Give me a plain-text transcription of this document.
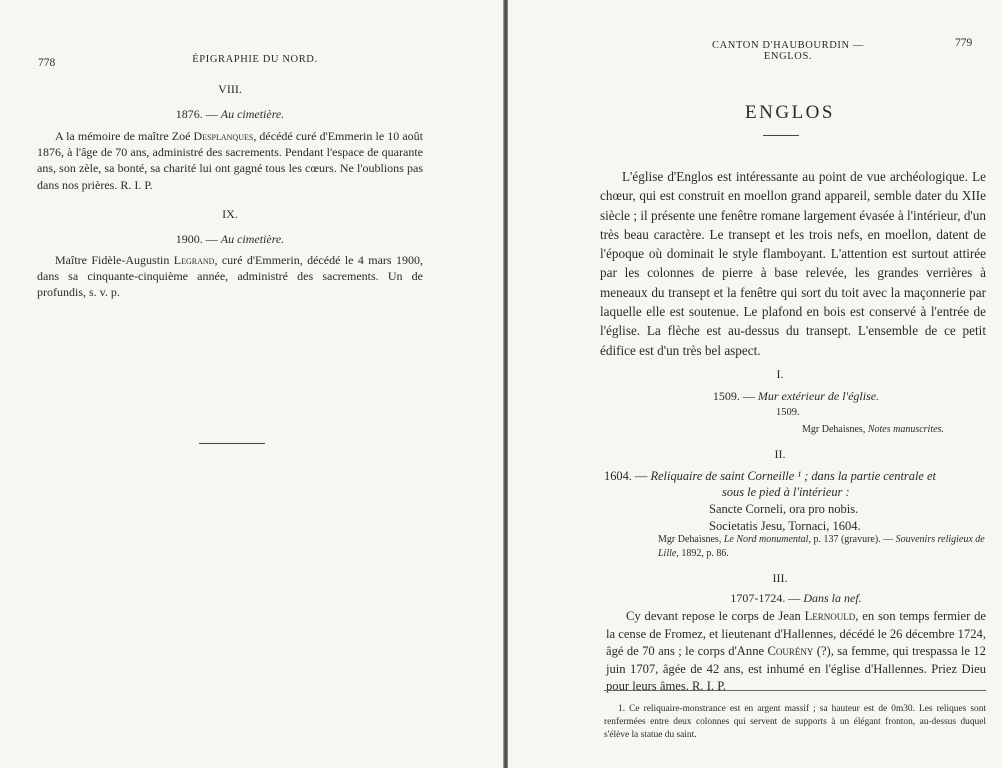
778	ÉPIGRAPHIE DU NORD.
VIII.
1876. — Au cimetière.
A la mémoire de maître Zoé Desplanques, décédé curé d'Emmerin le 10 août 1876, à l'âge de 70 ans, administré des sacrements. Pendant l'espace de quarante ans, son zèle, sa bonté, sa charité lui ont gagné tous les cœurs. Ne l'oublions pas dans nos prières. R. I. P.
IX.
1900. — Au cimetière.
Maître Fidèle-Augustin Legrand, curé d'Emmerin, décédé le 4 mars 1900, dans sa cinquante-cinquième année, administré des sacrements. Un de profundis, s. v. p.
CANTON D'HAUBOURDIN — ENGLOS.
779
ENGLOS
L'église d'Englos est intéressante au point de vue archéologique. Le chœur, qui est construit en moellon grand appareil, semble dater du XIIe siècle ; il présente une fenêtre romane largement évasée à l'intérieur, d'un très beau caractère. Le transept et les trois nefs, en moellon, datent de l'époque où dominait le style flamboyant. L'attention est surtout attirée par les colonnes de pierre à base relevée, les grandes verrières à meneaux du transept et la fenêtre qui sort du toit avec la maçonnerie par laquelle elle est soutenue. Le plafond en bois est conservé à l'entrée de l'église. La flèche est au-dessus du transept. L'ensemble de ce petit édifice est d'un très bel aspect.
I.
1509. — Mur extérieur de l'église.
1509.
Mgr Dehaisnes, Notes manuscrites.
II.
1604. — Reliquaire de saint Corneille ¹ ; dans la partie centrale et
sous le pied à l'intérieur :
Sancte Corneli, ora pro nobis.
Societatis Jesu, Tornaci, 1604.
Mgr Dehaisnes, Le Nord monumental, p. 137 (gravure). — Souvenirs religieux de Lille, 1892, p. 86.
III.
1707-1724. — Dans la nef.
Cy devant repose le corps de Jean Lernould, en son temps fermier de la cense de Fromez, et lieutenant d'Hallennes, décédé le 26 décembre 1724, âgé de 70 ans ; le corps d'Anne Courény (?), sa femme, qui trespassa le 12 juin 1707, âgée de 42 ans, est inhumé en l'église d'Hallennes. Priez Dieu pour leurs âmes. R. I. P.
1. Ce reliquaire-monstrance est en argent massif ; sa hauteur est de 0m30. Les reliques sont renfermées entre deux colonnes qui servent de supports à un élégant fronton, au-dessus duquel s'élève la statue du saint.
